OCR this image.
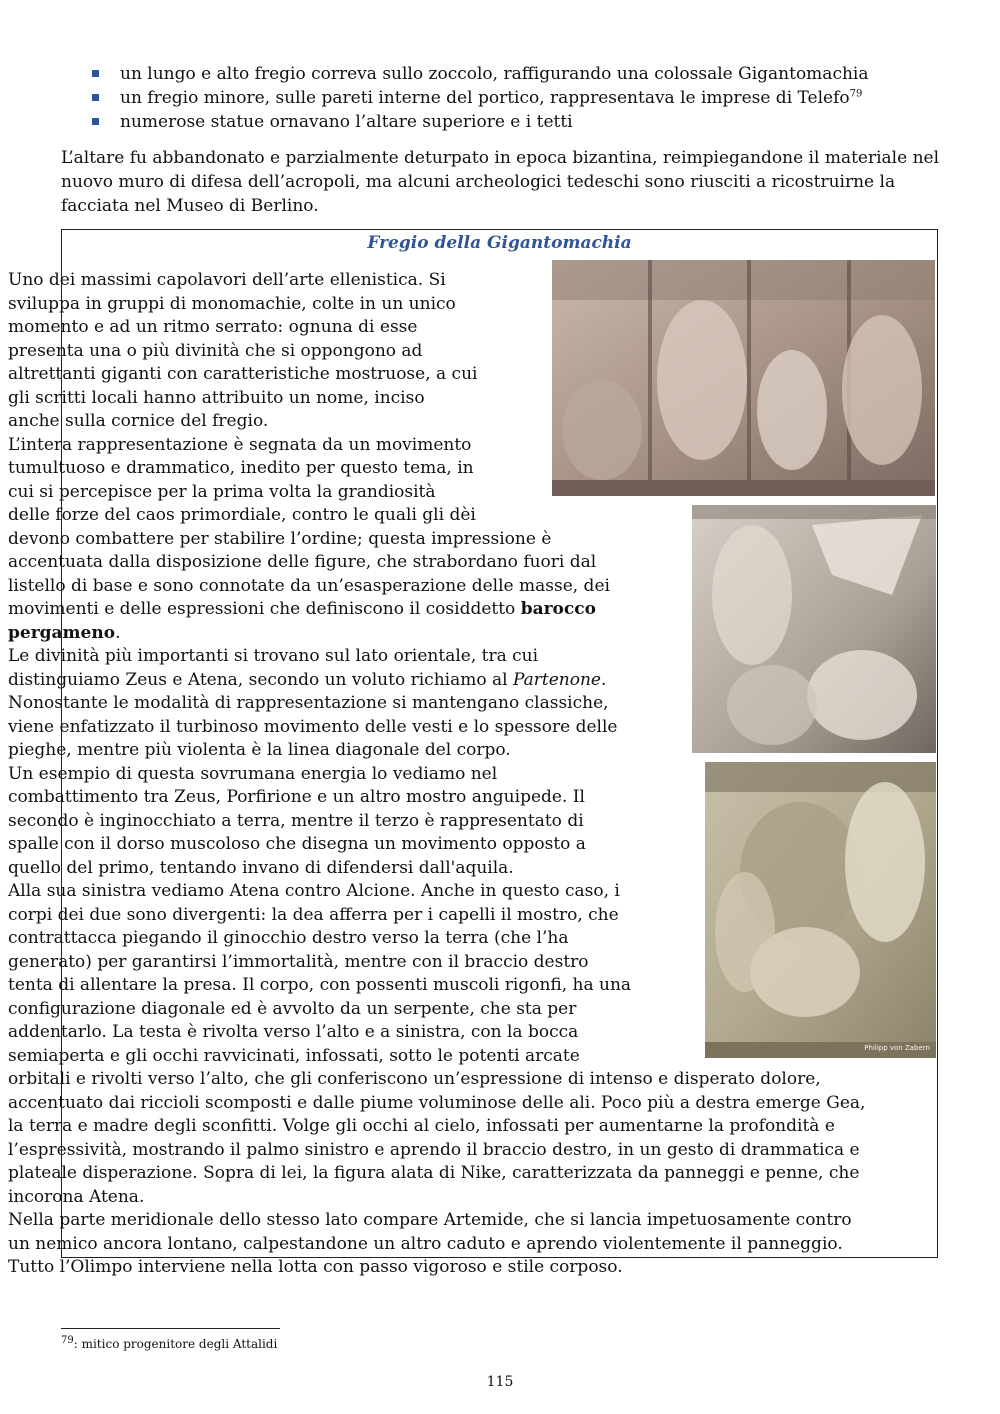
un lungo e alto fregio correva sullo zoccolo, raffigurando una colossale Gigantomachia
un fregio minore, sulle pareti interne del portico, rappresentava le imprese di Telefo$^{79}$
numerose statue ornavano l’altare superiore e i tetti

L’altare fu abbandonato e parzialmente deturpato in epoca bizantina, reimpiegandone il materiale nel nuovo muro di difesa dell’acropoli, ma alcuni archeologici tedeschi sono riusciti a ricostruirne la facciata nel Museo di Berlino.

Fregio della Gigantomachia
Philipp von Zabern

Uno dei massimi capolavori dell’arte ellenistica. Si sviluppa in gruppi di monomachie, colte in un unico momento e ad un ritmo serrato: ognuna di esse presenta una o più divinità che si oppongono ad altrettanti giganti con caratteristiche mostruose, a cui gli scritti locali hanno attribuito un nome, inciso anche sulla cornice del fregio.

L’intera rappresentazione è segnata da un movimento tumultuoso e drammatico, inedito per questo tema, in cui si percepisce per la prima volta la grandiosità delle forze del caos primordiale, contro le quali gli dèi devono combattere per stabilire l’ordine; questa impressione è accentuata dalla disposizione delle figure, che strabordano fuori dal listello di base e sono connotate da un’esasperazione delle masse, dei movimenti e delle espressioni che definiscono il cosiddetto barocco pergameno.

Le divinità più importanti si trovano sul lato orientale, tra cui distinguiamo Zeus e Atena, secondo un voluto richiamo al Partenone.

Nonostante le modalità di rappresentazione si mantengano classiche, viene enfatizzato il turbinoso movimento delle vesti e lo spessore delle pieghe, mentre più violenta è la linea diagonale del corpo.

Un esempio di questa sovrumana energia lo vediamo nel combattimento tra Zeus, Porfirione e un altro mostro anguipede. Il secondo è inginocchiato a terra, mentre il terzo è rappresentato di spalle con il dorso muscoloso che disegna un movimento opposto a quello del primo, tentando invano di difendersi dall'aquila.

Alla sua sinistra vediamo Atena contro Alcione. Anche in questo caso, i corpi dei due sono divergenti: la dea afferra per i capelli il mostro, che contrattacca piegando il ginocchio destro verso la terra (che l’ha generato) per garantirsi l’immortalità, mentre con il braccio destro tenta di allentare la presa. Il corpo, con possenti muscoli rigonfi, ha una configurazione diagonale ed è avvolto da un serpente, che sta per addentarlo. La testa è rivolta verso l’alto e a sinistra, con la bocca semiaperta e gli occhi ravvicinati, infossati, sotto le potenti arcate orbitali e rivolti verso l’alto, che gli conferiscono un’espressione di intenso e disperato dolore, accentuato dai riccioli scomposti e dalle piume voluminose delle ali. Poco più a destra emerge Gea, la terra e madre degli sconfitti. Volge gli occhi al cielo, infossati per aumentarne la profondità e l’espressività, mostrando il palmo sinistro e aprendo il braccio destro, in un gesto di drammatica e plateale disperazione. Sopra di lei, la figura alata di Nike, caratterizzata da panneggi e penne, che incorona Atena.

Nella parte meridionale dello stesso lato compare Artemide, che si lancia impetuosamente contro un nemico ancora lontano, calpestandone un altro caduto e aprendo violentemente il panneggio. Tutto l’Olimpo interviene nella lotta con passo vigoroso e stile corposo.

$^{79}$: mitico progenitore degli Attalidi
115
